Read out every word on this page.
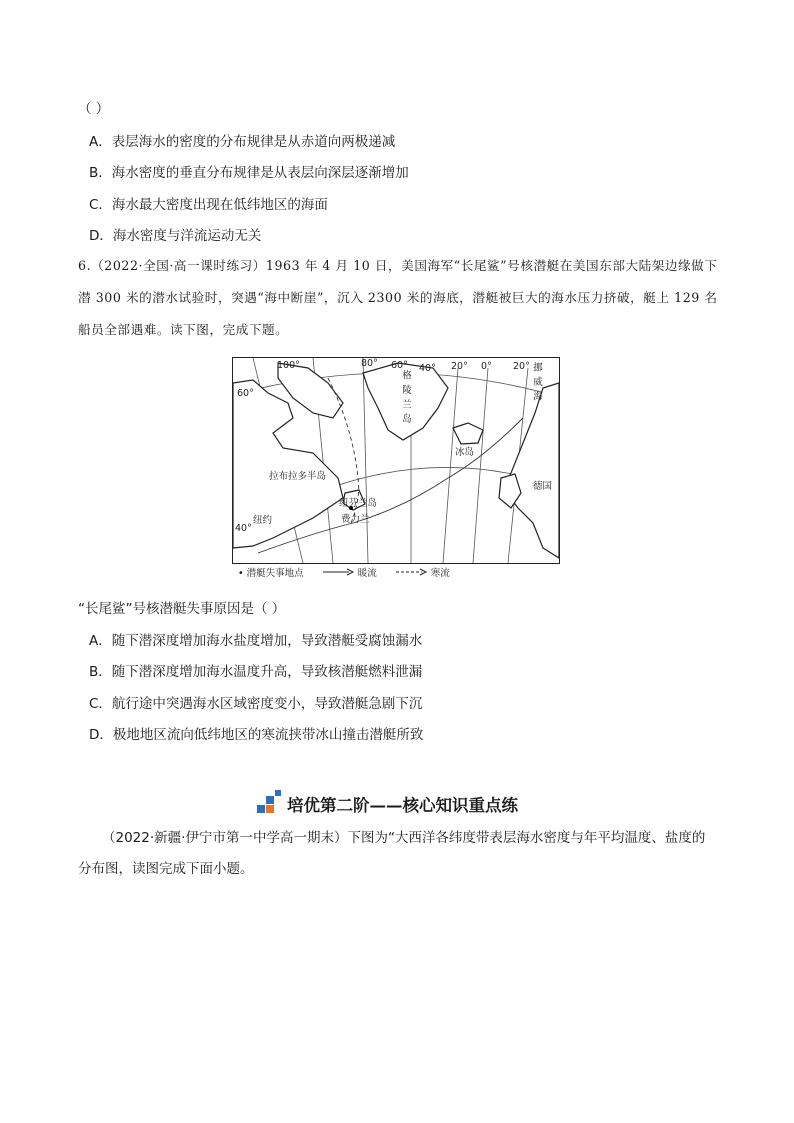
（ ）
A．表层海水的密度的分布规律是从赤道向两极递减
B．海水密度的垂直分布规律是从表层向深层逐渐增加
C．海水最大密度出现在低纬地区的海面
D．海水密度与洋流运动无关
6.（2022·全国·高一课时练习）1963 年 4 月 10 日，美国海军“长尾鲨”号核潜艇在美国东部大陆架边缘做下
潜 300 米的潜水试验时，突遇“海中断崖”，沉入 2300 米的海底，潜艇被巨大的海水压力挤破，艇上 129 名
船员全部遇难。读下图，完成下题。
100°	80° 60° 40° 20° 0° 20°
60°
40°
格陵兰岛
冰岛
挪威海
拉布拉多半岛
纽芬兰岛
费力兰
纽约
德国
• 潜艇失事地点	暖流	寒流
“长尾鲨”号核潜艇失事原因是（ ）
A．随下潜深度增加海水盐度增加，导致潜艇受腐蚀漏水
B．随下潜深度增加海水温度升高，导致核潜艇燃料泄漏
C．航行途中突遇海水区域密度变小，导致潜艇急剧下沉
D．极地地区流向低纬地区的寒流挟带冰山撞击潜艇所致
培优第二阶——核心知识重点练
（2022·新疆·伊宁市第一中学高一期末）下图为“大西洋各纬度带表层海水密度与年平均温度、盐度的
分布图，读图完成下面小题。
